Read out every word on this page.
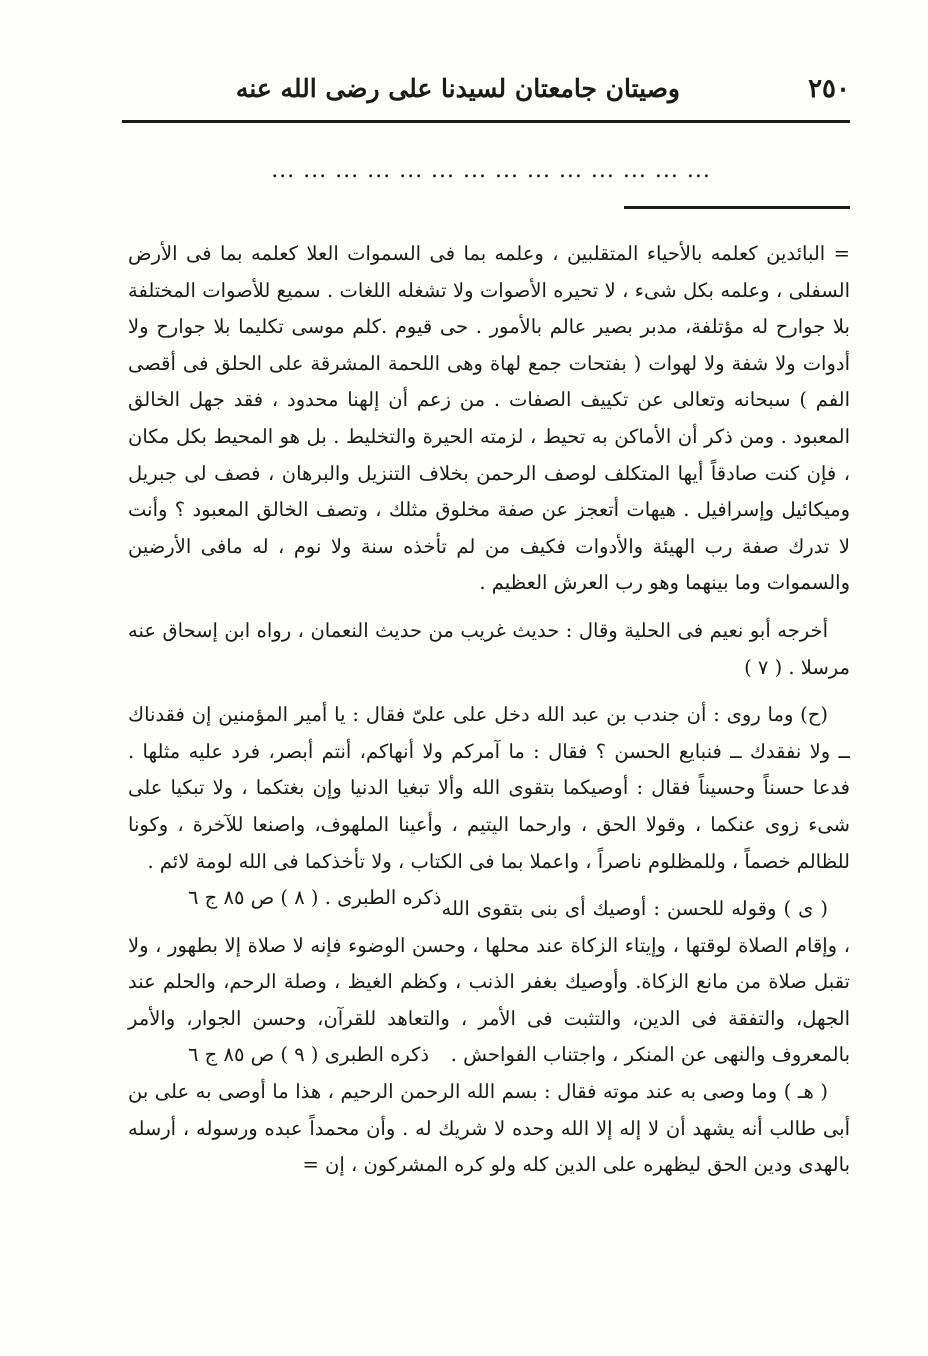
٢٥٠
وصيتان جامعتان لسيدنا على رضى الله عنه
... ... ... ... ... ... ... ... ... ... ... ... ... ...

= البائدين كعلمه بالأحياء المتقلبين ، وعلمه بما فى السموات العلا كعلمه بما فى الأرض السفلى ، وعلمه بكل شىء ، لا تحيره الأصوات ولا تشغله اللغات . سميع للأصوات المختلفة بلا جوارح له مؤتلفة، مدبر بصير عالم بالأمور . حى قيوم .كلم موسى تكليما بلا جوارح ولا أدوات ولا شفة ولا لهوات ( بفتحات جمع لهاة وهى اللحمة المشرقة على الحلق فى أقصى الفم ) سبحانه وتعالى عن تكييف الصفات . من زعم أن إلهنا محدود ، فقد جهل الخالق المعبود . ومن ذكر أن الأماكن به تحيط ، لزمته الحيرة والتخليط . بل هو المحيط بكل مكان ، فإن كنت صادقاً أيها المتكلف لوصف الرحمن بخلاف التنزيل والبرهان ، فصف لى جبريل وميكائيل وإسرافيل . هيهات أتعجز عن صفة مخلوق مثلك ، وتصف الخالق المعبود ؟ وأنت لا تدرك صفة رب الهيئة والأدوات فكيف من لم تأخذه سنة ولا نوم ، له مافى الأرضين والسموات وما بينهما وهو رب العرش العظيم .

أخرجه أبو نعيم فى الحلية وقال : حديث غريب من حديث النعمان ، رواه ابن إسحاق عنه مرسلا . ( ٧ )

(ح) وما روى : أن جندب بن عبد الله دخل على علىّ فقال : يا أمير المؤمنين إن فقدناك ــ ولا نفقدك ــ فنبايع الحسن ؟ فقال : ما آمركم ولا أنهاكم، أنتم أبصر، فرد عليه مثلها . فدعا حسناً وحسيناً فقال : أوصيكما بتقوى الله وألا تبغيا الدنيا وإن بغتكما ، ولا تبكيا على شىء زوى عنكما ، وقولا الحق ، وارحما اليتيم ، وأعينا الملهوف، واصنعا للآخرة ، وكونا للظالم خصماً ، وللمظلوم ناصراً ، واعملا بما فى الكتاب ، ولا تأخذكما فى الله لومة لائم .
ذكره الطبرى . ( ٨ ) ص ٨٥ ج ٦ ( ى ) وقوله للحسن : أوصيك أى بنى بتقوى الله ، وإقام الصلاة لوقتها ، وإيتاء الزكاة عند محلها ، وحسن الوضوء فإنه لا صلاة إلا بطهور ، ولا تقبل صلاة من مانع الزكاة. وأوصيك بغفر الذنب ، وكظم الغيظ ، وصلة الرحم، والحلم عند الجهل، والتفقة فى الدين، والتثبت فى الأمر ، والتعاهد للقرآن، وحسن الجوار، والأمر بالمعروف والنهى عن المنكر ، واجتناب الفواحش .
ذكره الطبرى ( ٩ ) ص ٨٥ ج ٦

( هـ ) وما وصى به عند موته فقال : بسم الله الرحمن الرحيم ، هذا ما أوصى به على بن أبى طالب أنه يشهد أن لا إله إلا الله وحده لا شريك له . وأن محمداً عبده ورسوله ، أرسله بالهدى ودين الحق ليظهره على الدين كله ولو كره المشركون ، إن =
